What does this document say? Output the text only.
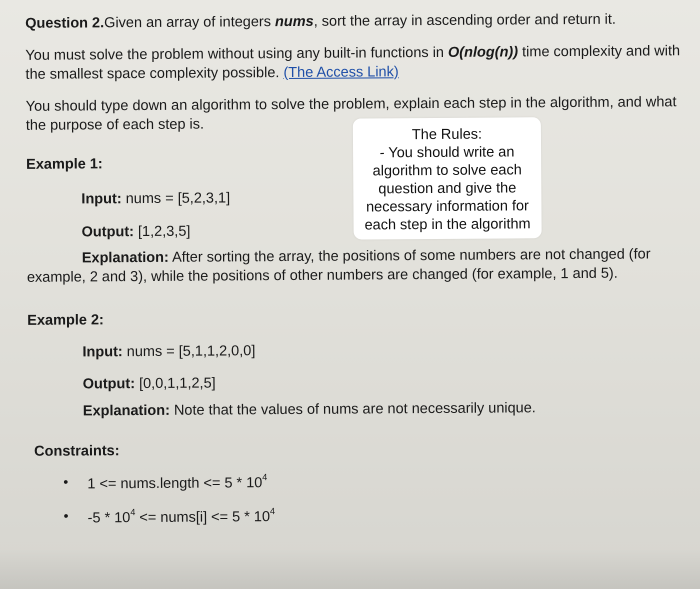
Question 2.Given an array of integers nums, sort the array in ascending order and return it.
You must solve the problem without using any built-in functions in O(nlog(n)) time complexity and with
the smallest space complexity possible. (The Access Link)
You should type down an algorithm to solve the problem, explain each step in the algorithm, and what
the purpose of each step is.
Example 1:
Input: nums = [5,2,3,1]
Output: [1,2,3,5]
Explanation: After sorting the array, the positions of some numbers are not changed (for
example, 2 and 3), while the positions of other numbers are changed (for example, 1 and 5).
Example 2:
Input: nums = [5,1,1,2,0,0]
Output: [0,0,1,1,2,5]
Explanation: Note that the values of nums are not necessarily unique.
Constraints:
• 1 <= nums.length <= $5 * 10^4$
• $-5 * 10^4$ <= nums[i] <= $5 * 10^4$
The Rules:
- You should write an
algorithm to solve each
question and give the
necessary information for
each step in the algorithm
